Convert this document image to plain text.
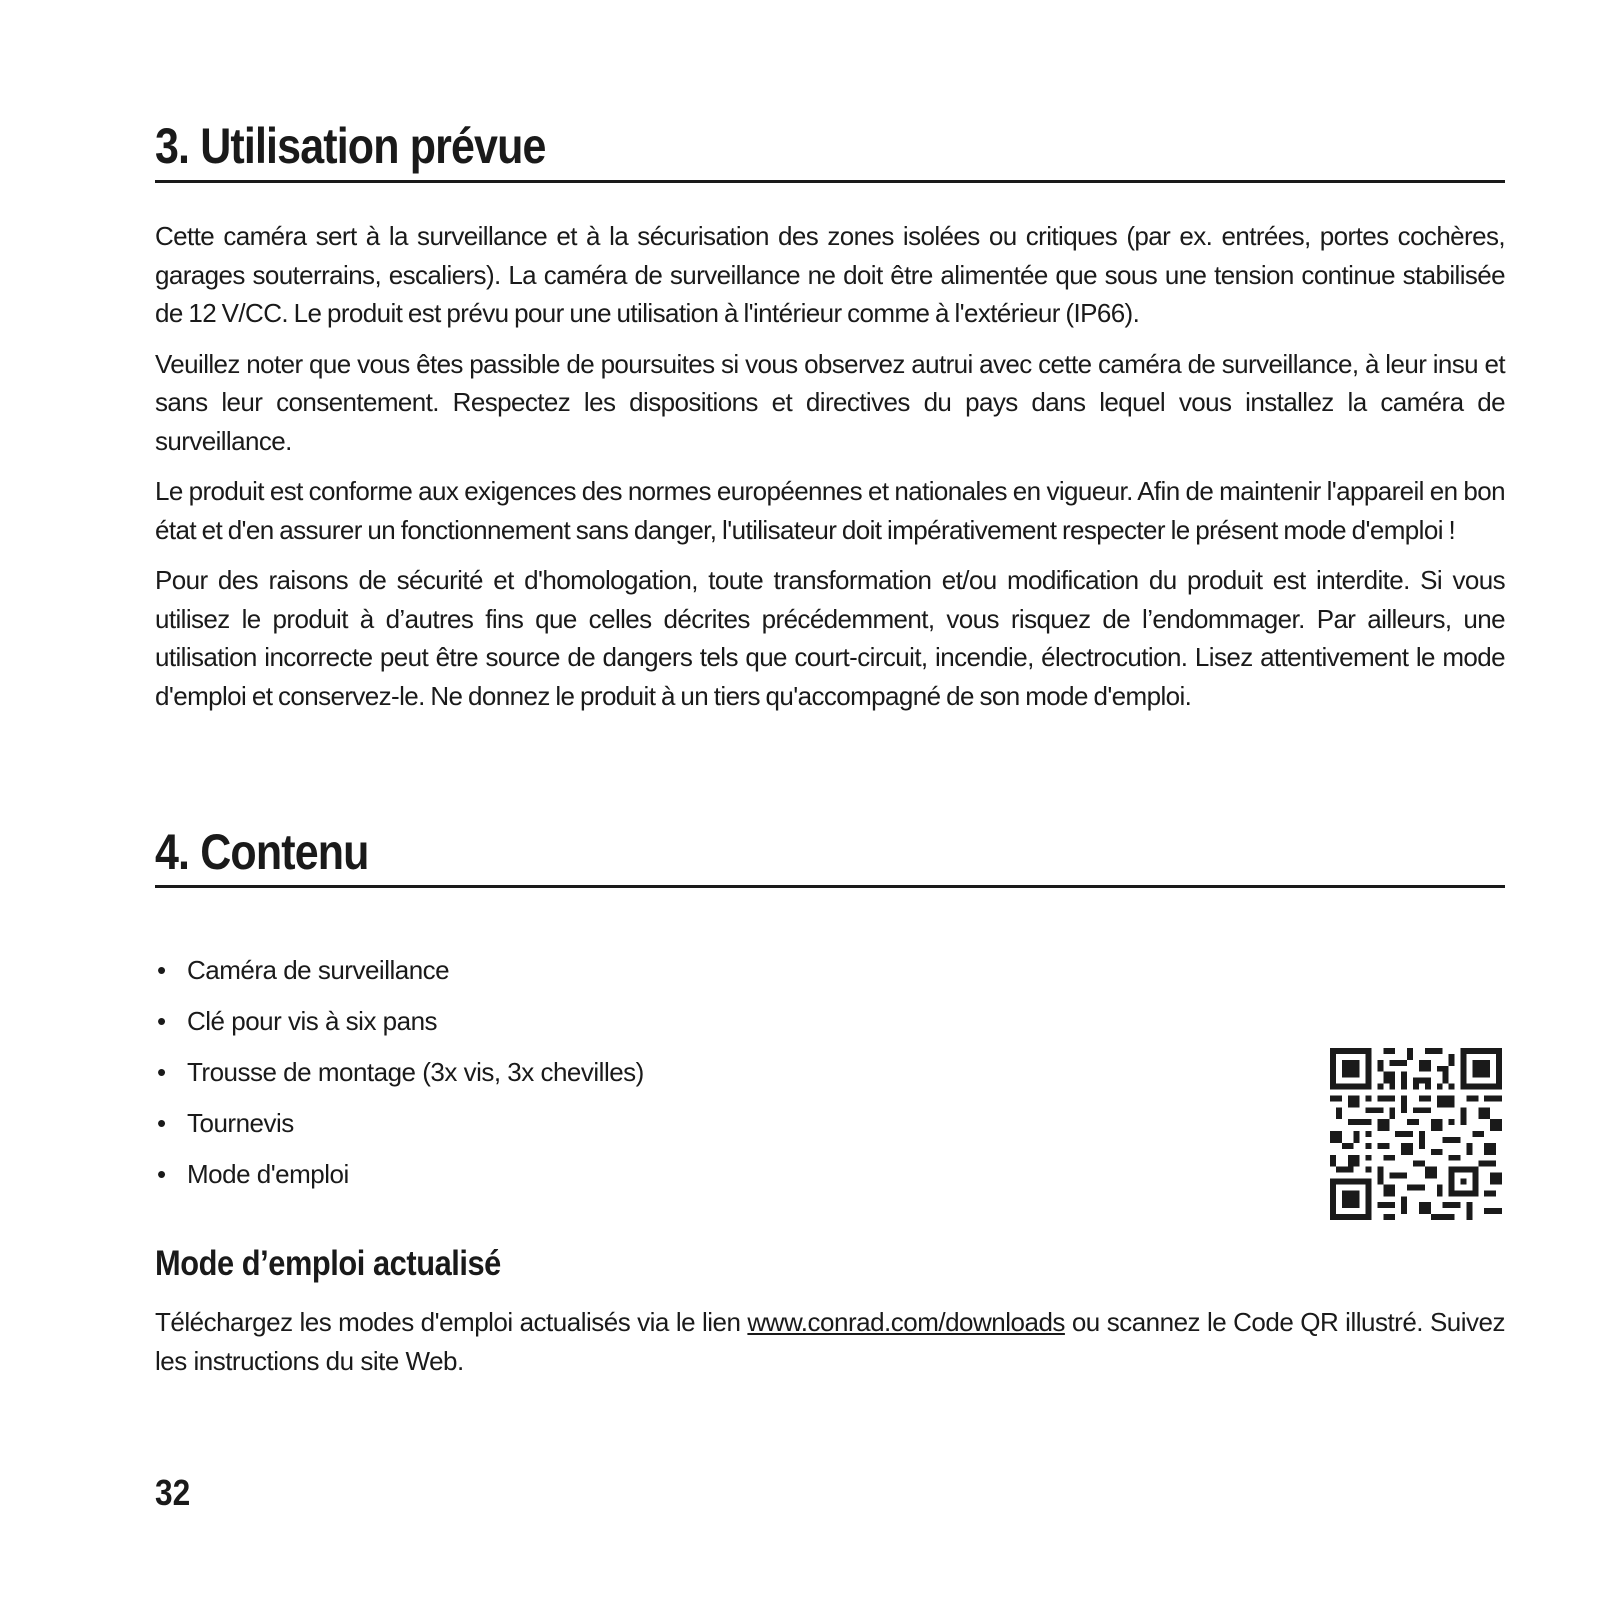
3. Utilisation prévue

Cette caméra sert à la surveillance et à la sécurisation des zones isolées ou critiques (par ex. entrées, portes cochères, garages souterrains, escaliers). La caméra de surveillance ne doit être alimentée que sous une tension continue stabilisée de 12 V/CC. Le produit est prévu pour une utilisation à l'intérieur comme à l'extérieur (IP66).

Veuillez noter que vous êtes passible de poursuites si vous observez autrui avec cette caméra de surveillance, à leur insu et sans leur consentement. Respectez les dispositions et directives du pays dans lequel vous installez la caméra de surveillance.

Le produit est conforme aux exigences des normes européennes et nationales en vigueur. Afin de maintenir l'appareil en bon état et d'en assurer un fonctionnement sans danger, l'utilisateur doit impérativement respecter le présent mode d'emploi !

Pour des raisons de sécurité et d'homologation, toute transformation et/ou modification du produit est interdite. Si vous utilisez le produit à d’autres fins que celles décrites précédemment, vous risquez de l’endommager. Par ailleurs, une utilisation incorrecte peut être source de dangers tels que court-circuit, incendie, électrocution. Lisez attentivement le mode d'emploi et conservez-le. Ne donnez le produit à un tiers qu'accompagné de son mode d'emploi.

4. Contenu
• Caméra de surveillance
• Clé pour vis à six pans
• Trousse de montage (3x vis, 3x chevilles)
• Tournevis
• Mode d'emploi
Mode d’emploi actualisé

Téléchargez les modes d'emploi actualisés via le lien www.conrad.com/downloads ou scannez le Code QR illustré. Suivez les instructions du site Web.

32
